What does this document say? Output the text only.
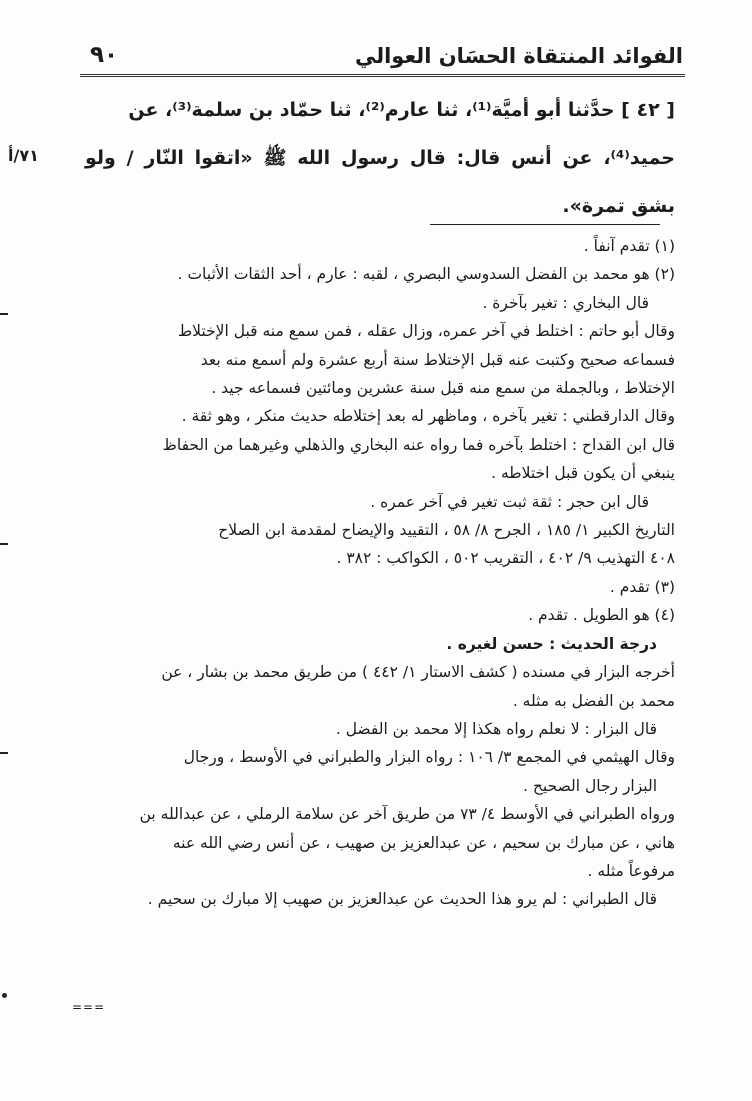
٩٠	الفوائد المنتقاة الحسَان العوالي

[ ٤٢ ] حدَّثنا أبو أميَّة⁽¹⁾، ثنا عارم⁽²⁾، ثنا حمّاد بن سلمة⁽³⁾، عن

حميد⁽⁴⁾، عن أنس قال: قال رسول الله ﷺ «اتقوا النّار / ولو بشق تمرة».

٧١/أ

(١) تقدم آنفاً .

(٢) هو محمد بن الفضل السدوسي البصري ، لقبه : عارم ، أحد الثقات الأثبات .

قال البخاري : تغير بآخرة .

وقال أبو حاتم : اختلط في آخر عمره، وزال عقله ، فمن سمع منه قبل الإختلاط

فسماعه صحيح وكتبت عنه قبل الإختلاط سنة أربع عشرة ولم أسمع منه بعد

الإختلاط ، وبالجملة من سمع منه قبل سنة عشرين ومائتين فسماعه جيد .

وقال الدارقطني : تغير بآخره ، وماظهر له بعد إختلاطه حديث منكر ، وهو ثقة .

قال ابن القداح : اختلط بآخره فما رواه عنه البخاري والذهلي وغيرهما من الحفاظ

ينبغي أن يكون قبل اختلاطه .

قال ابن حجر : ثقة ثبت تغير في آخر عمره .

التاريخ الكبير ١/ ١٨٥ ، الجرح ٨/ ٥٨ ، التقييد والإيضاح لمقدمة ابن الصلاح

٤٠٨ التهذيب ٩/ ٤٠٢ ، التقريب ٥٠٢ ، الكواكب : ٣٨٢ .

(٣) تقدم .

(٤) هو الطويل . تقدم .

درجة الحديث : حسن لغيره .

أخرجه البزار في مسنده ( كشف الاستار ١/ ٤٤٢ ) من طريق محمد بن بشار ، عن

محمد بن الفضل به مثله .

قال البزار : لا نعلم رواه هكذا إلا محمد بن الفضل .

وقال الهيثمي في المجمع ٣/ ١٠٦ : رواه البزار والطبراني في الأوسط ، ورجال

البزار رجال الصحيح .

ورواه الطبراني في الأوسط ٤/ ٧٣ من طريق آخر عن سلامة الرملي ، عن عبدالله بن

هاني ، عن مبارك بن سحيم ، عن عبدالعزيز بن صهيب ، عن أنس رضي الله عنه

مرفوعاً مثله .

قال الطبراني : لم يرو هذا الحديث عن عبدالعزيز بن صهيب إلا مبارك بن سحيم .

===
